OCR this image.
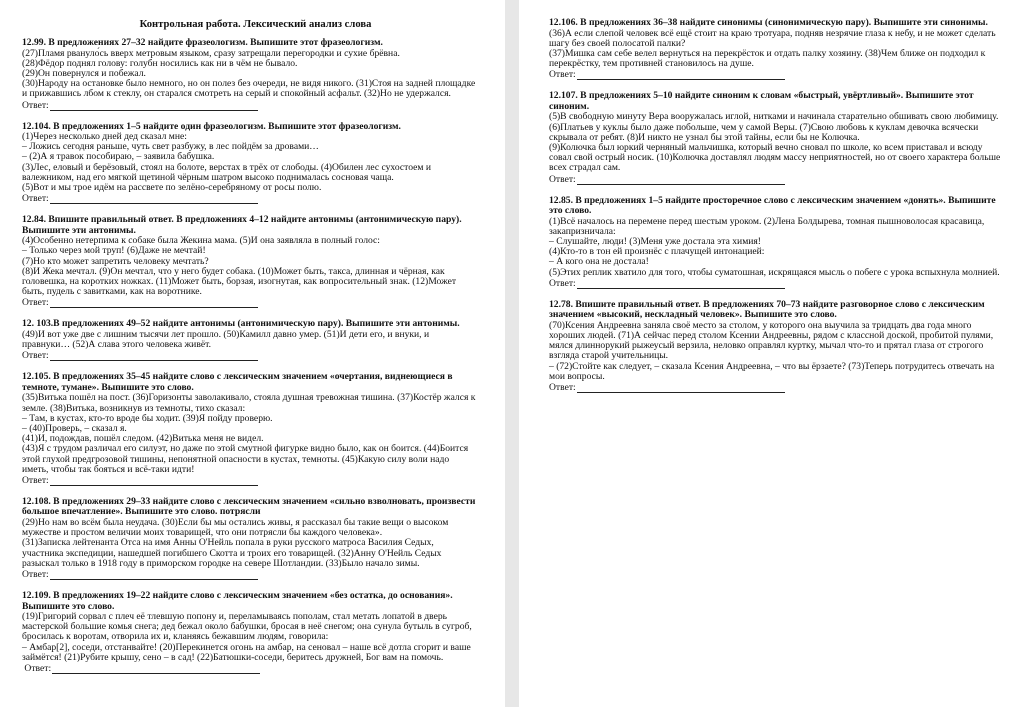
Контрольная работа. Лексический анализ слова
12.99. В предложениях 27–32 найдите фразеологизм. Выпишите этот фразеологизм.
(27)Пламя рвануло́сь вверх метровым языком, сразу затрещали перегородки и сухие брёвна.
(28)Фёдор поднял голову: голубн носились как ни в чём не бывало.
(29)Он повернулся и побежал.
(30)Народу на остановке было немного, но он полез без очереди, не видя никого. (31)Стоя на задней площадке
и прижавшись лбом к стеклу, он старался смотреть на серый и спокойный асфальт. (32)Но не удержался.
Ответ:
12.104. В предложениях 1–5 найдите один фразеологизм. Выпишите этот фразеологизм.
(1)Через несколько дней дед сказал мне:
– Ложись сегодня раньше, чуть свет разбужу, в лес пойдём за дровами…
– (2)А я травок пособираю, – заявила бабушка.
(3)Лес, еловый и берёзовый, стоял на болоте, верстах в трёх от слободы. (4)Обилен лес сухостоем и
валежником, над его мягкой щетиной чёрным шатром высоко поднималась сосновая чаща.
(5)Вот и мы трое идём на рассвете по зелёно-серебряному от росы полю.
Ответ:
12.84. Впишите правильный ответ. В предложениях 4–12 найдите антонимы (антонимическую пару).
Выпишите эти антонимы.
(4)Особенно нетерпима к собаке была Жекина мама. (5)И она заявляла в полный голос:
– Только через мой труп! (6)Даже не мечтай!
(7)Но кто может запретить человеку мечтать?
(8)И Жека мечтал. (9)Он мечтал, что у него будет собака. (10)Может быть, такса, длинная и чёрная, как
головешка, на коротких ножках. (11)Может быть, борзая, изогнутая, как вопросительный знак. (12)Может
быть, пудель с завитками, как на воротнике.
Ответ:
12. 103.В предложениях 49–52 найдите антонимы (антонимическую пару). Выпишите эти антонимы.
(49)И вот уже две с лишним тысячи лет прошло. (50)Камилл давно умер. (51)И дети его, и внуки, и
правнуки… (52)А слава этого человека живёт.
Ответ:
12.105. В предложениях 35–45 найдите слово с лексическим значением «очертания, виднеющиеся в
темноте, тумане». Выпишите это слово.
(35)Витька пошёл на пост. (36)Горизонты заволакивало, стояла душная тревожная тишина. (37)Костёр жался к
земле. (38)Витька, возникнув из темноты, тихо сказал:
– Там, в кустах, кто-то вроде бы ходит. (39)Я пойду проверю.
– (40)Проверь, – сказал я.
(41)И, подождав, пошёл следом. (42)Витька меня не видел.
(43)Я с трудом различал его силуэт, но даже по этой смутной фигурке видно было, как он боится. (44)Боится
этой глухой предгрозовой тишины, непонятной опасности в кустах, темноты. (45)Какую силу воли надо
иметь, чтобы так бояться и всё-таки идти!
Ответ:
12.108. В предложениях 29–33 найдите слово с лексическим значением «сильно взволновать, произвести
большое впечатление». Выпишите это слово. потрясли
(29)Но нам во всём была неудача. (30)Если бы мы остались живы, я рассказал бы такие вещи о высоком
мужестве и простом величии моих товарищей, что они потрясли бы каждого человека».
(31)Записка лейтенанта Отса на имя Анны О'Нейль попала в руки русского матроса Василия Седых,
участника экспедиции, нашедшей погибшего Скотта и троих его товарищей. (32)Анну О'Нейль Седых
разыскал только в 1918 году в приморском городке на севере Шотландии. (33)Было начало зимы.
Ответ:
12.109. В предложениях 19–22 найдите слово с лексическим значением «без остатка, до основания».
Выпишите это слово.
(19)Григорий сорвал с плеч её тлевшую попону и, переламываясь пополам, стал метать лопатой в дверь
мастерской большие комья снега; дед бежал около бабушки, бросая в неё снегом; она сунула бутыль в сугроб,
бросилась к воротам, отворила их и, кланяясь бежавшим людям, говорила:
– Амбар[2], соседи, отстанвайте! (20)Перекинется огонь на амбар, на сеновал – наше всё дотла сгорит и ваше
займётся! (21)Рубите крышу, сено – в сад! (22)Батюшки-соседи, беритесь дружней, Бог вам на помочь.
Ответ:
12.106. В предложениях 36–38 найдите синонимы (синонимическую пару). Выпишите эти синонимы.
(36)А если слепой человек всё ещё стоит на краю тротуара, подняв незрячие глаза к небу, и не может сделать
шагу без своей полосатой палки?
(37)Мишка сам себе велел вернуться на перекрёсток и отдать палку хозяину. (38)Чем ближе он подходил к
перекрёстку, тем противней становилось на душе.
Ответ:
12.107. В предложениях 5–10 найдите синоним к словам «быстрый, увёртливый». Выпишите этот
синоним.
(5)В свободную минуту Вера вооружалась иглой, нитками и начинала старательно обшивать свою любимицу.
(6)Платьев у куклы было даже побольше, чем у самой Веры. (7)Свою любовь к куклам девочка всячески
скрывала от ребят. (8)И никто не узнал бы этой тайны, если бы не Колючка.
(9)Колючка был юркий черняный мальчишка, который вечно сновал по школе, ко всем приставал и всюду
совал свой острый носик. (10)Колючка доставлял людям массу неприятностей, но от своего характера больше
всех страдал сам.
Ответ:
12.85. В предложениях 1–5 найдите просторечное слово с лексическим значением «донять». Выпишите
это слово.
(1)Всё началось на перемене перед шестым уроком. (2)Лена Болдырева, томная пышноволосая красавица,
закапризничала:
– Слушайте, люди! (3)Меня уже достала эта химия!
(4)Кто-то в тон ей произнёс с плачущей интонацией:
– А кого она не достала!
(5)Этих реплик хватило для того, чтобы суматошная, искрящаяся мысль о побеге с урока вспыхнула молнией.
Ответ:
12.78. Впишите правильный ответ. В предложениях 70–73 найдите разговорное слово с лексическим
значением «высокий, нескладный человек». Выпишите это слово.
(70)Ксения Андреевна заняла своё место за столом, у которого она выучила за тридцать два года много
хороших людей. (71)А сейчас перед столом Ксении Андреевны, рядом с классной доской, пробитой пулями,
мялся длиннорукий рыжеусый верзила, неловко оправлял куртку, мычал что-то и прятал глаза от строгого
взгляда старой учительницы.
– (72)Стойте как следует, – сказала Ксения Андреевна, – что вы ёрзаете? (73)Теперь потрудитесь отвечать на
мои вопросы.
Ответ:
